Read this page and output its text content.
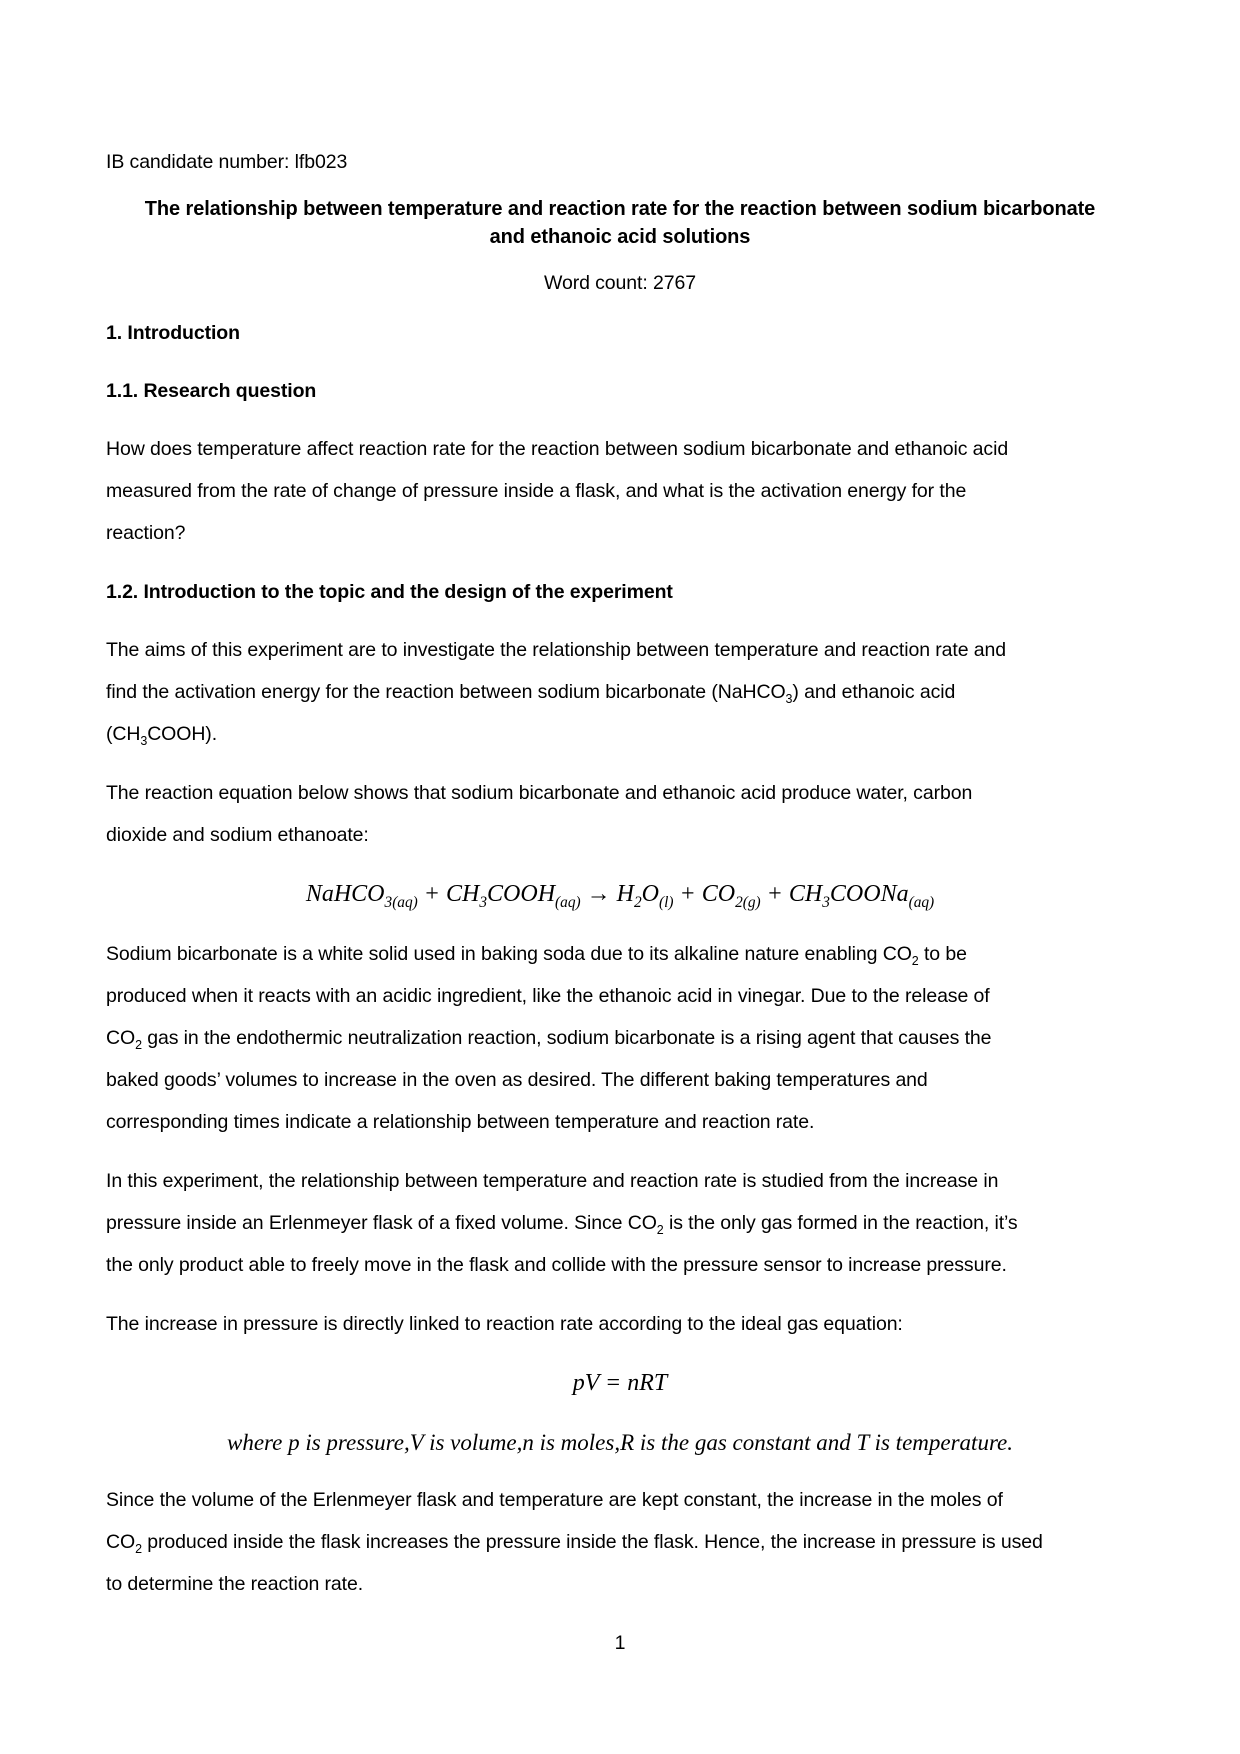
IB candidate number: lfb023

The relationship between temperature and reaction rate for the reaction between sodium bicarbonate
and ethanoic acid solutions

Word count: 2767

1. Introduction
1.1. Research question

How does temperature affect reaction rate for the reaction between sodium bicarbonate and ethanoic acid
measured from the rate of change of pressure inside a flask, and what is the activation energy for the
reaction?

1.2. Introduction to the topic and the design of the experiment

The aims of this experiment are to investigate the relationship between temperature and reaction rate and
find the activation energy for the reaction between sodium bicarbonate (NaHCO$_3$) and ethanoic acid
$(CH_3COOH)$.

The reaction equation below shows that sodium bicarbonate and ethanoic acid produce water, carbon
dioxide and sodium ethanoate:

NaHCO$_{3(aq)}$ + $CH_3COOH_{(aq)} \to H_2O_{(l)} + CO_{2(g)}$ + $CH_3COONa_{(aq)}$

Sodium bicarbonate is a white solid used in baking soda due to its alkaline nature enabling $CO_2$ to be
produced when it reacts with an acidic ingredient, like the ethanoic acid in vinegar. Due to the release of
$CO_2$ gas in the endothermic neutralization reaction, sodium bicarbonate is a rising agent that causes the
baked goods’ volumes to increase in the oven as desired. The different baking temperatures and
corresponding times indicate a relationship between temperature and reaction rate.

In this experiment, the relationship between temperature and reaction rate is studied from the increase in
pressure inside an Erlenmeyer flask of a fixed volume. Since $CO_2$ is the only gas formed in the reaction, it’s
the only product able to freely move in the flask and collide with the pressure sensor to increase pressure.

The increase in pressure is directly linked to reaction rate according to the ideal gas equation:

pV = nRT
where p is pressure,V is volume,n is moles,R is the gas constant and T is temperature.

Since the volume of the Erlenmeyer flask and temperature are kept constant, the increase in the moles of
$CO_2$ produced inside the flask increases the pressure inside the flask. Hence, the increase in pressure is used
to determine the reaction rate.

1
